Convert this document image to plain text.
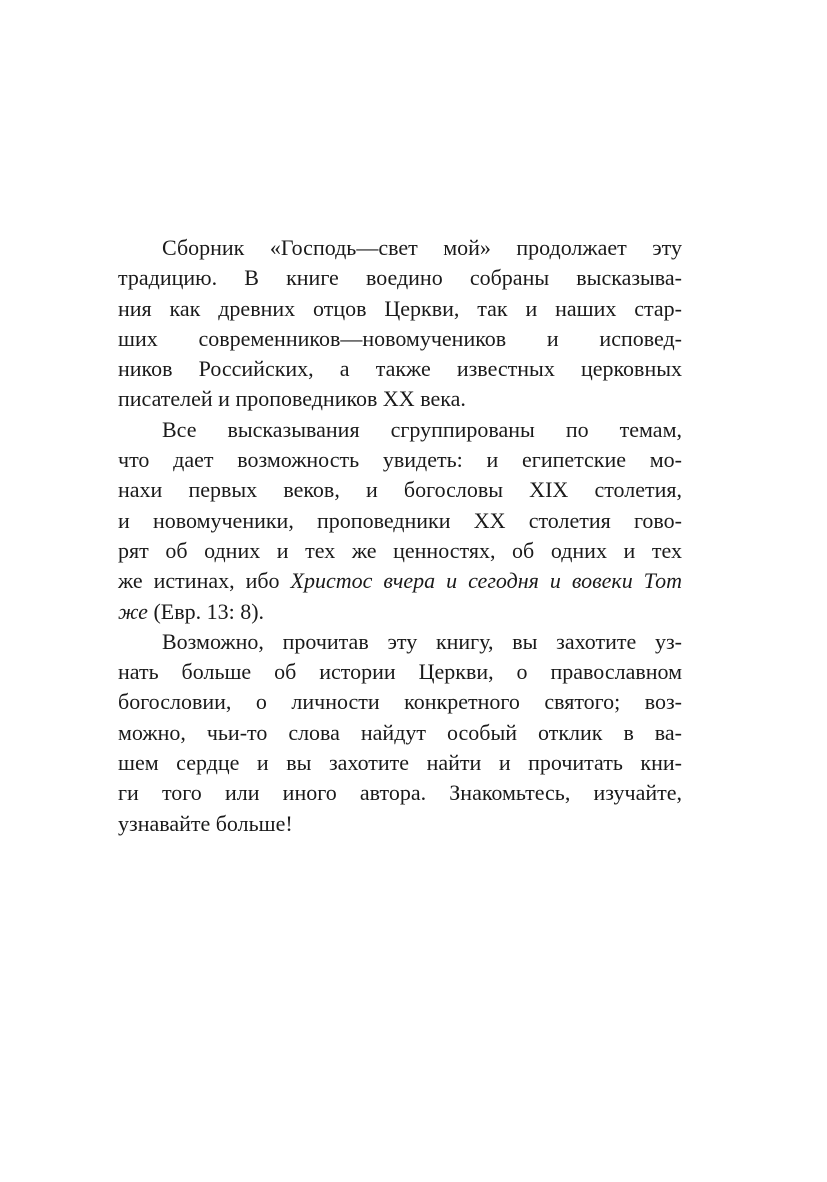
Сборник «Господь—свет мой» продолжает эту
традицию. В книге воедино собраны высказыва-
ния как древних отцов Церкви, так и наших стар-
ших современников—новомучеников и исповед-
ников Российских, а также известных церковных
писателей и проповедников XX века.
Все высказывания сгруппированы по темам,
что дает возможность увидеть: и египетские мо-
нахи первых веков, и богословы XIX столетия,
и новомученики, проповедники XX столетия гово-
рят об одних и тех же ценностях, об одних и тех
же истинах, ибо Христос вчера и сегодня и вовеки Тот
же (Евр. 13: 8).
Возможно, прочитав эту книгу, вы захотите уз-
нать больше об истории Церкви, о православном
богословии, о личности конкретного святого; воз-
можно, чьи-то слова найдут особый отклик в ва-
шем сердце и вы захотите найти и прочитать кни-
ги того или иного автора. Знакомьтесь, изучайте,
узнавайте больше!
